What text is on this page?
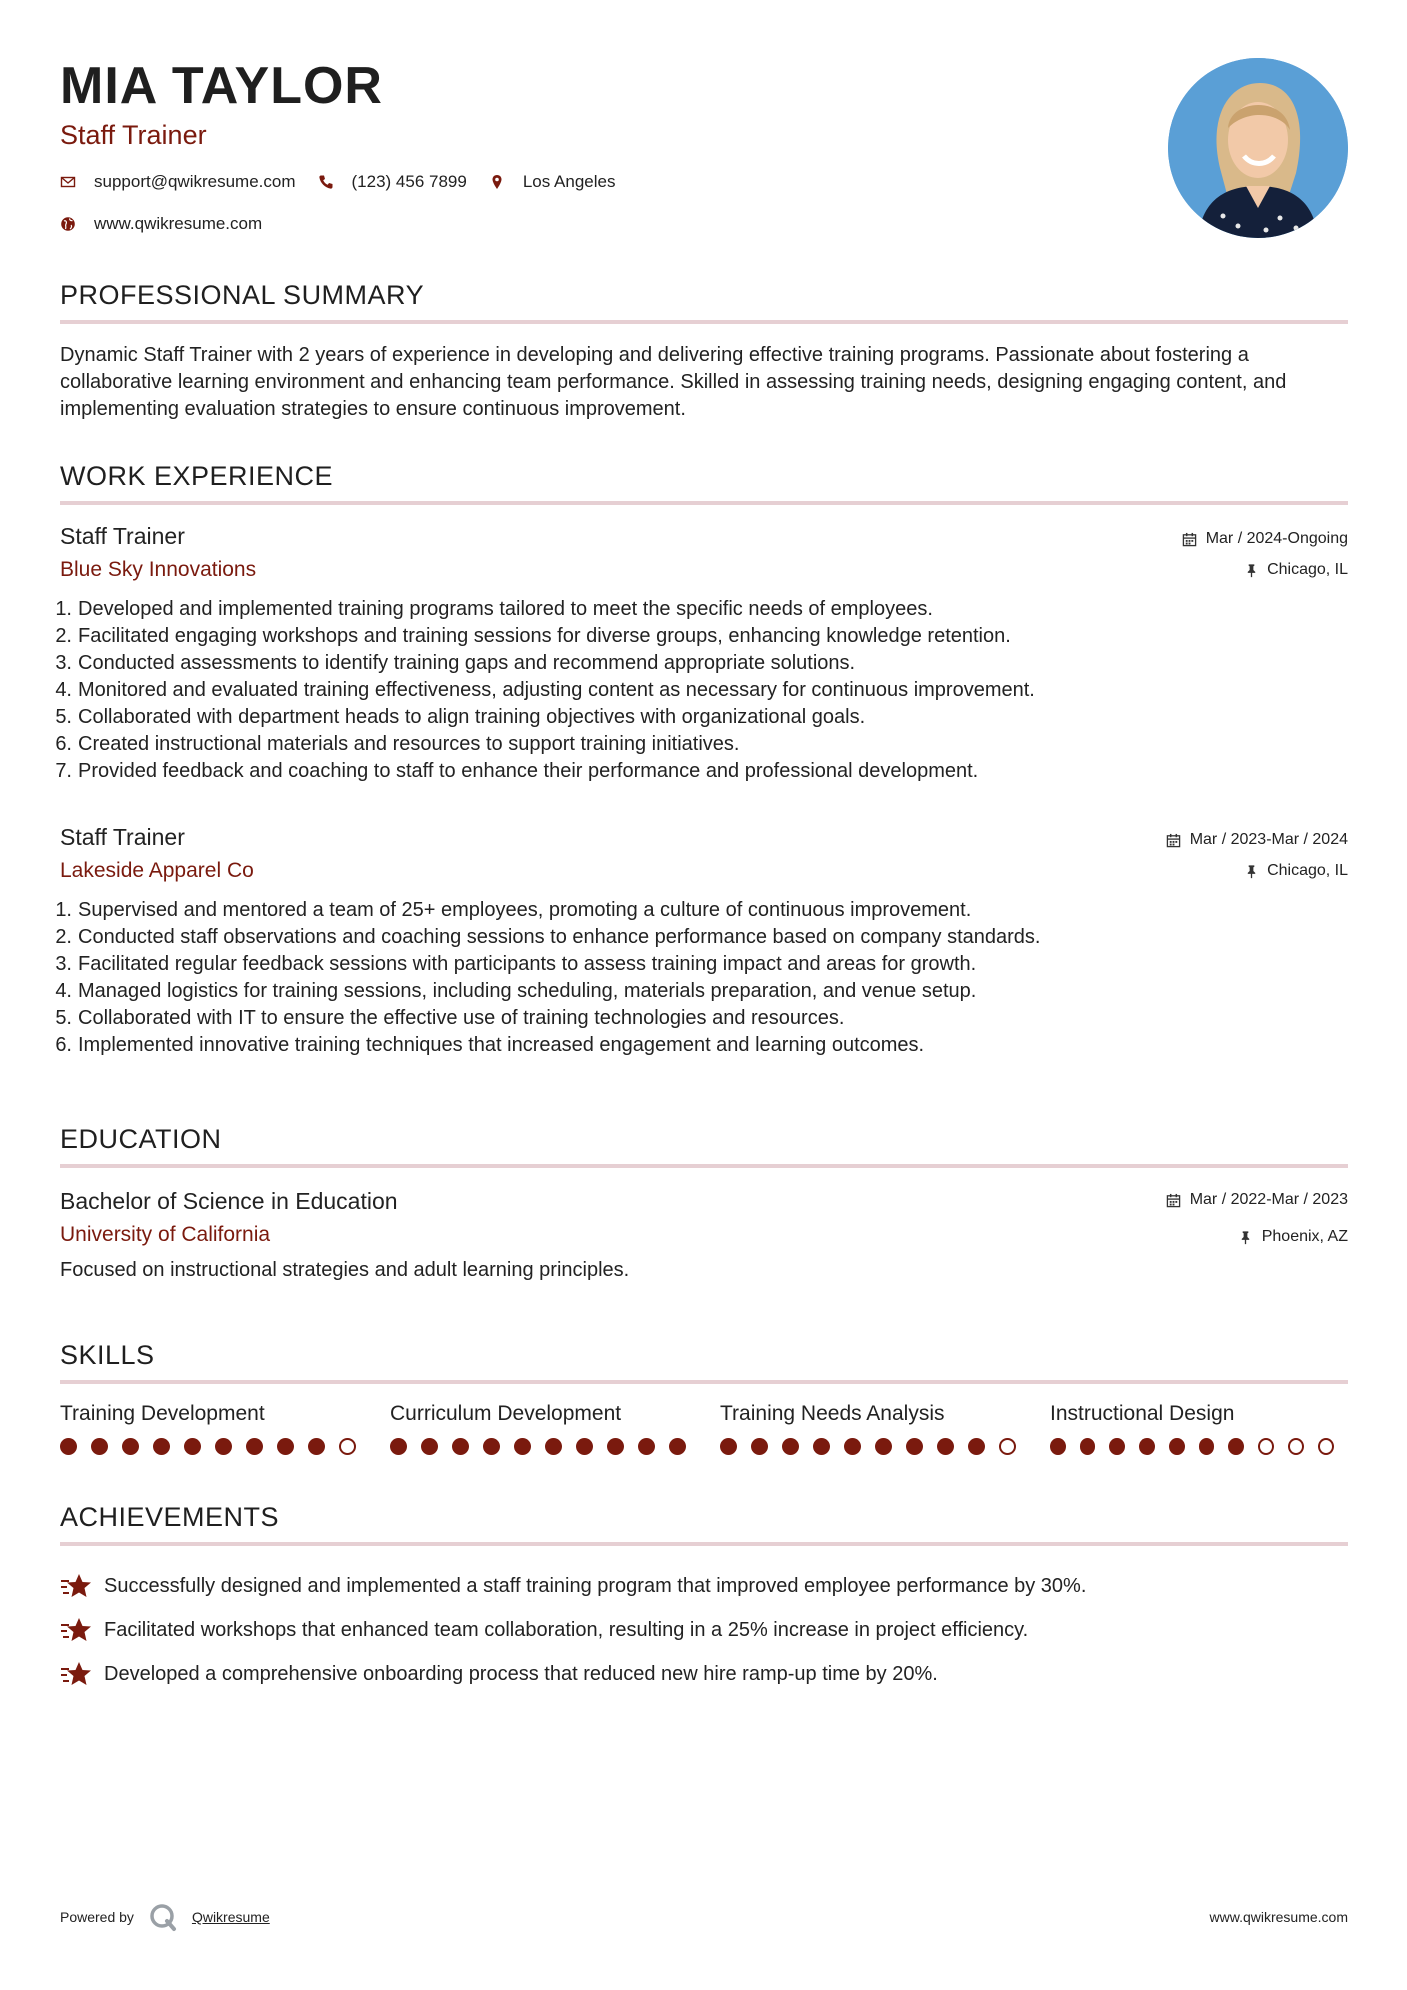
MIA TAYLOR
Staff Trainer
support@qwikresume.com	(123) 456 7899	Los Angeles
www.qwikresume.com
PROFESSIONAL SUMMARY
Dynamic Staff Trainer with 2 years of experience in developing and delivering effective training programs. Passionate about fostering a collaborative learning environment and enhancing team performance. Skilled in assessing training needs, designing engaging content, and implementing evaluation strategies to ensure continuous improvement.
WORK EXPERIENCE
Staff Trainer
Blue Sky Innovations
Mar / 2024-Ongoing
Chicago, IL
1. Developed and implemented training programs tailored to meet the specific needs of employees.
2. Facilitated engaging workshops and training sessions for diverse groups, enhancing knowledge retention.
3. Conducted assessments to identify training gaps and recommend appropriate solutions.
4. Monitored and evaluated training effectiveness, adjusting content as necessary for continuous improvement.
5. Collaborated with department heads to align training objectives with organizational goals.
6. Created instructional materials and resources to support training initiatives.
7. Provided feedback and coaching to staff to enhance their performance and professional development.
Staff Trainer
Lakeside Apparel Co
Mar / 2023-Mar / 2024
Chicago, IL
1. Supervised and mentored a team of 25+ employees, promoting a culture of continuous improvement.
2. Conducted staff observations and coaching sessions to enhance performance based on company standards.
3. Facilitated regular feedback sessions with participants to assess training impact and areas for growth.
4. Managed logistics for training sessions, including scheduling, materials preparation, and venue setup.
5. Collaborated with IT to ensure the effective use of training technologies and resources.
6. Implemented innovative training techniques that increased engagement and learning outcomes.
EDUCATION
Bachelor of Science in Education
University of California
Mar / 2022-Mar / 2023
Phoenix, AZ
Focused on instructional strategies and adult learning principles.
SKILLS
Training Development	Curriculum Development	Training Needs Analysis	Instructional Design
ACHIEVEMENTS
Successfully designed and implemented a staff training program that improved employee performance by 30%.
Facilitated workshops that enhanced team collaboration, resulting in a 25% increase in project efficiency.
Developed a comprehensive onboarding process that reduced new hire ramp-up time by 20%.
Powered by	Qwikresume	www.qwikresume.com
